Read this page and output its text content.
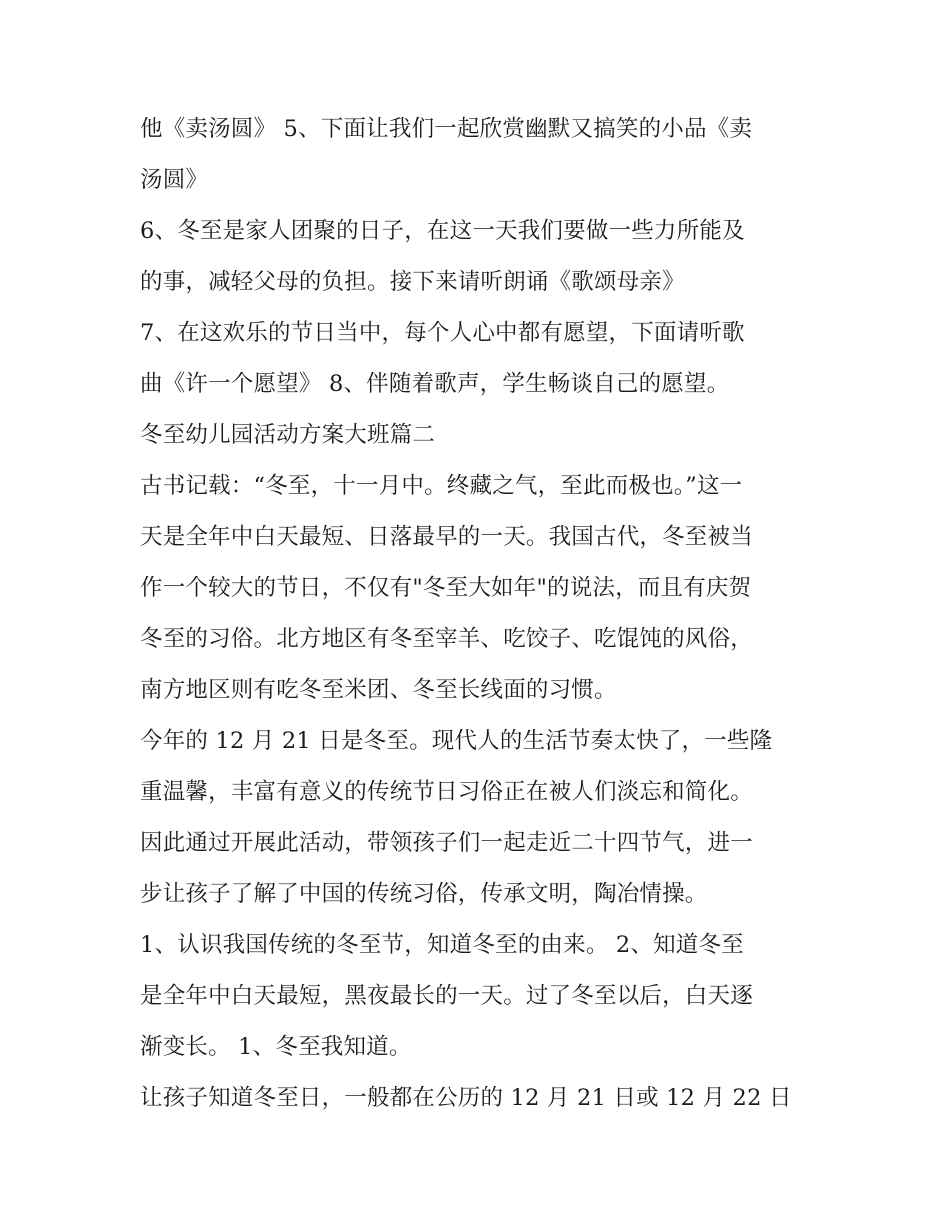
他《卖汤圆》 5、下面让我们一起欣赏幽默又搞笑的小品《卖
汤圆》
6、冬至是家人团聚的日子，在这一天我们要做一些力所能及
的事，减轻父母的负担。接下来请听朗诵《歌颂母亲》
7、在这欢乐的节日当中，每个人心中都有愿望，下面请听歌
曲《许一个愿望》 8、伴随着歌声，学生畅谈自己的愿望。
冬至幼儿园活动方案大班篇二
古书记载：“冬至，十一月中。终藏之气，至此而极也。”这一
天是全年中白天最短、日落最早的一天。我国古代，冬至被当
作一个较大的节日，不仅有"冬至大如年"的说法，而且有庆贺
冬至的习俗。北方地区有冬至宰羊、吃饺子、吃馄饨的风俗，
南方地区则有吃冬至米团、冬至长线面的习惯。
今年的 12 月 21 日是冬至。现代人的生活节奏太快了，一些隆
重温馨，丰富有意义的传统节日习俗正在被人们淡忘和简化。
因此通过开展此活动，带领孩子们一起走近二十四节气，进一
步让孩子了解了中国的传统习俗，传承文明，陶冶情操。
1、认识我国传统的冬至节，知道冬至的由来。 2、知道冬至
是全年中白天最短，黑夜最长的一天。过了冬至以后，白天逐
渐变长。 1、冬至我知道。
让孩子知道冬至日，一般都在公历的 12 月 21 日或 12 月 22 日
